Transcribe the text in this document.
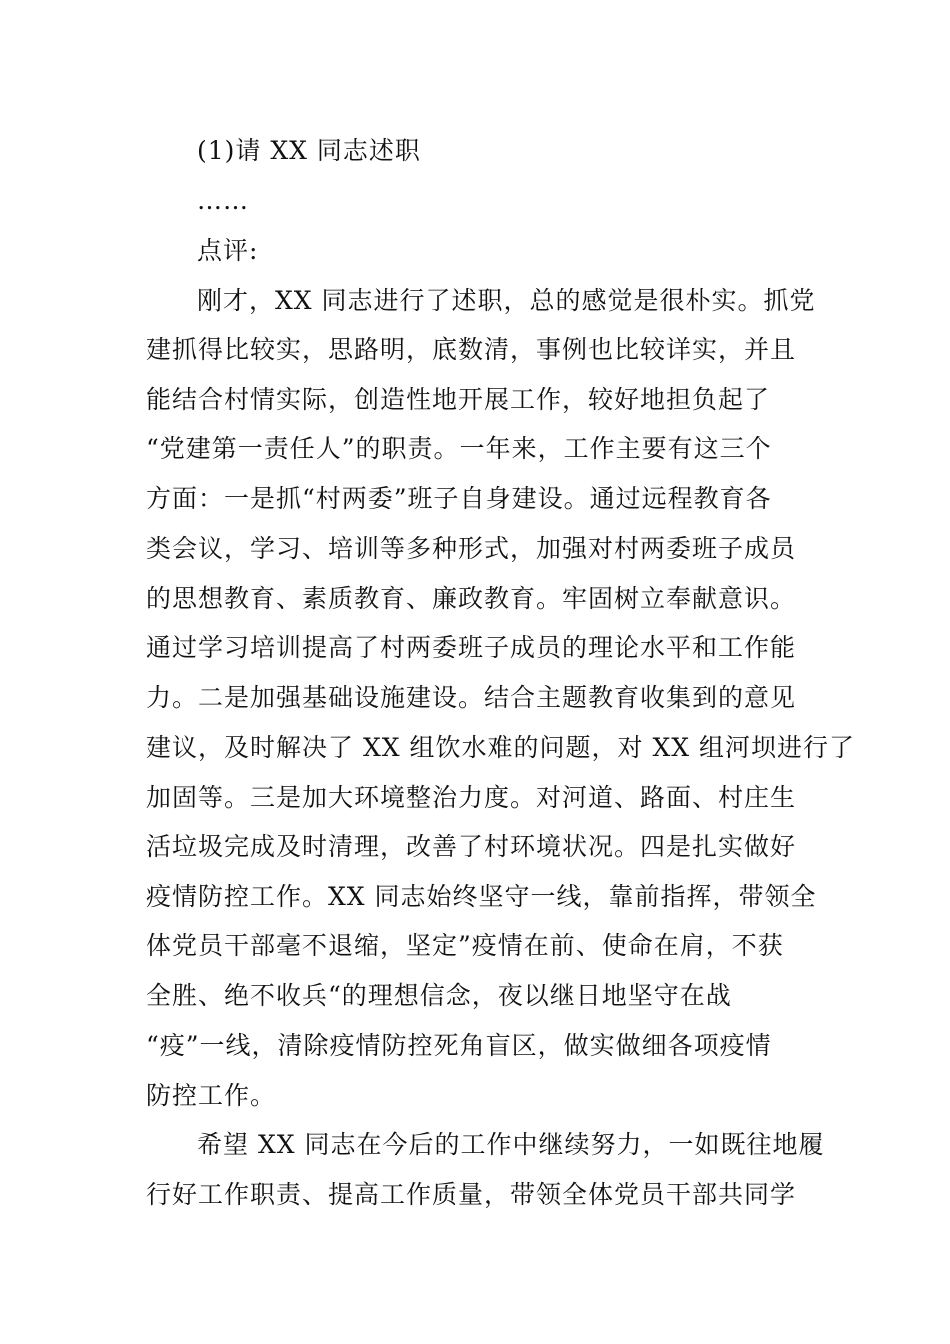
(1)请 XX 同志述职
……
点评:
刚才，XX 同志进行了述职，总的感觉是很朴实。抓党
建抓得比较实，思路明，底数清，事例也比较详实，并且
能结合村情实际，创造性地开展工作，较好地担负起了
“党建第一责任人”的职责。一年来，工作主要有这三个
方面：一是抓“村两委”班子自身建设。通过远程教育各
类会议，学习、培训等多种形式，加强对村两委班子成员
的思想教育、素质教育、廉政教育。牢固树立奉献意识。
通过学习培训提高了村两委班子成员的理论水平和工作能
力。二是加强基础设施建设。结合主题教育收集到的意见
建议，及时解决了 XX 组饮水难的问题，对 XX 组河坝进行了
加固等。三是加大环境整治力度。对河道、路面、村庄生
活垃圾完成及时清理，改善了村环境状况。四是扎实做好
疫情防控工作。XX 同志始终坚守一线，靠前指挥，带领全
体党员干部毫不退缩，坚定”疫情在前、使命在肩，不获
全胜、绝不收兵“的理想信念，夜以继日地坚守在战
“疫”一线，清除疫情防控死角盲区，做实做细各项疫情
防控工作。
希望 XX 同志在今后的工作中继续努力，一如既往地履
行好工作职责、提高工作质量，带领全体党员干部共同学
